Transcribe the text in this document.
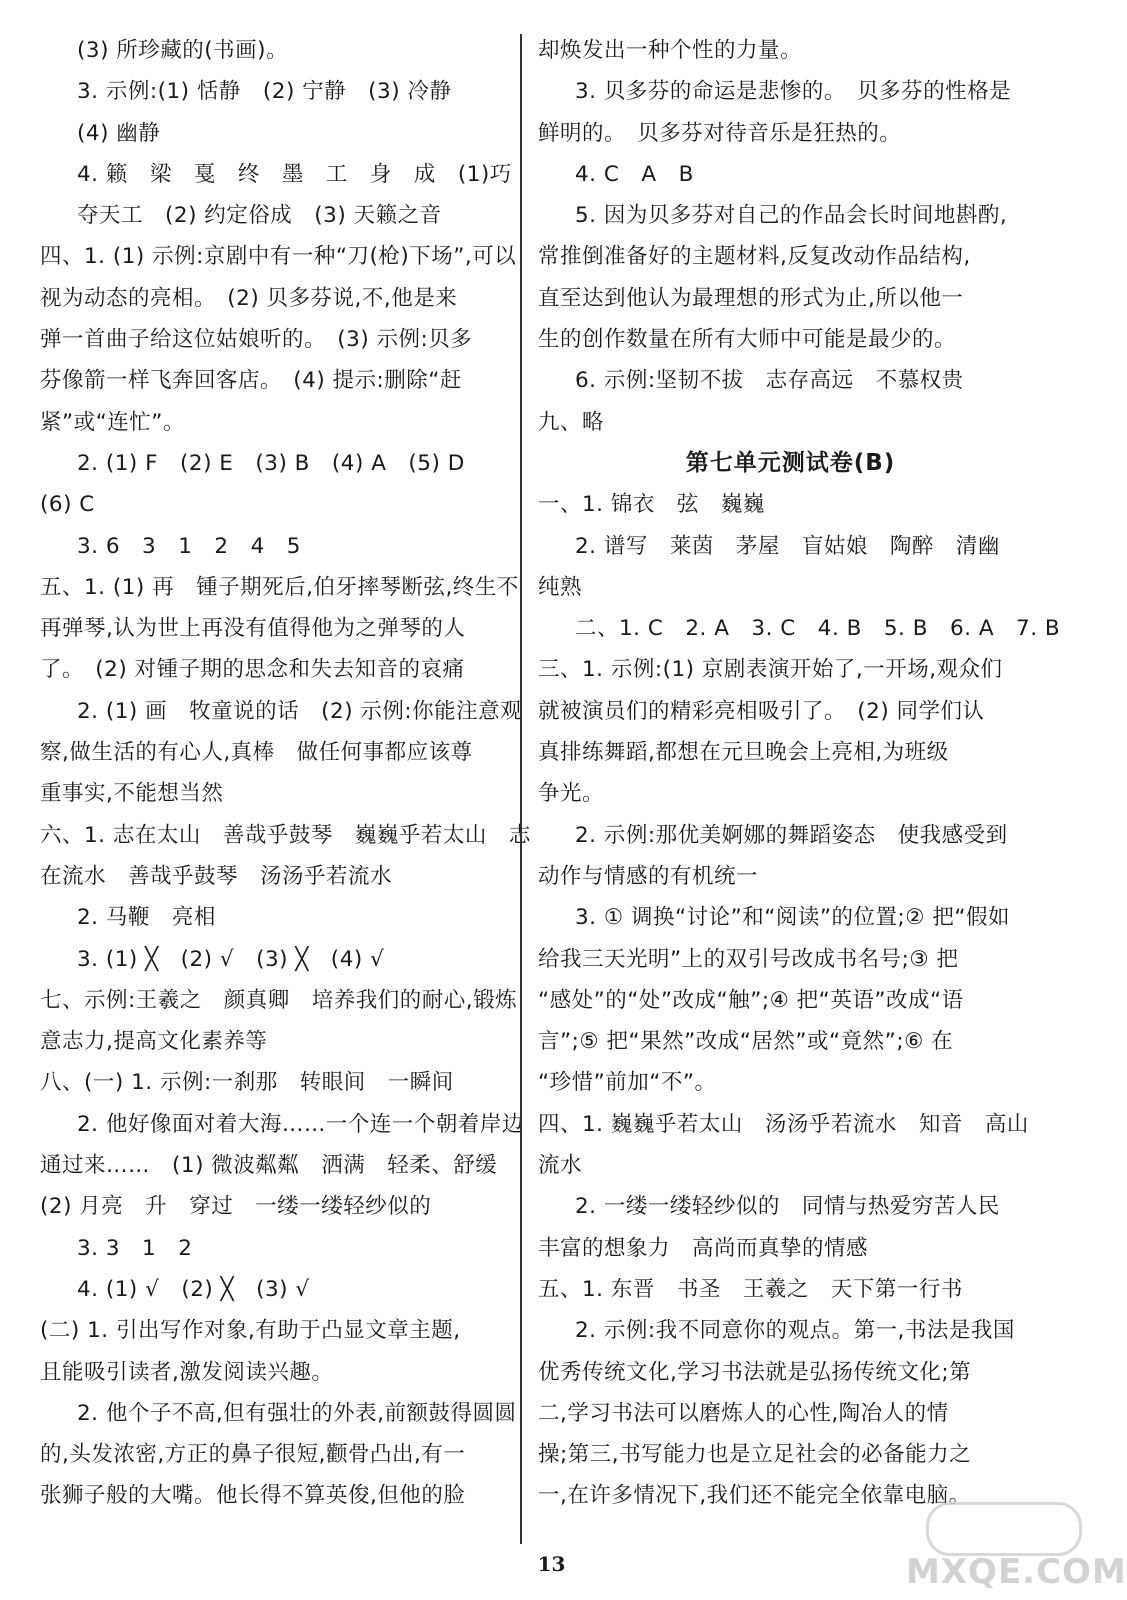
(3) 所珍藏的(书画)。
3. 示例:(1) 恬静　(2) 宁静　(3) 冷静
(4) 幽静
4. 籁　梁　戛　终　墨　工　身　成　(1)巧
夺天工　(2) 约定俗成　(3) 天籁之音
四、1. (1) 示例:京剧中有一种“刀(枪)下场”,可以
视为动态的亮相。　(2) 贝多芬说,不,他是来
弹一首曲子给这位姑娘听的。　(3) 示例:贝多
芬像箭一样飞奔回客店。　(4) 提示:删除“赶
紧”或“连忙”。
2. (1) F　(2) E　(3) B　(4) A　(5) D
(6) C
3. 6　3　1　2　4　5
五、1. (1) 再　锺子期死后,伯牙摔琴断弦,终生不
再弹琴,认为世上再没有值得他为之弹琴的人
了。　(2) 对锺子期的思念和失去知音的哀痛
2. (1) 画　牧童说的话　(2) 示例:你能注意观
察,做生活的有心人,真棒　做任何事都应该尊
重事实,不能想当然
六、1. 志在太山　善哉乎鼓琴　巍巍乎若太山　志
在流水　善哉乎鼓琴　汤汤乎若流水
2. 马鞭　亮相
3. (1) ╳　(2) √　(3) ╳　(4) √
七、示例:王羲之　颜真卿　培养我们的耐心,锻炼
意志力,提高文化素养等
八、(一) 1. 示例:一刹那　转眼间　一瞬间
2. 他好像面对着大海……一个连一个朝着岸边
通过来……　(1) 微波粼粼　洒满　轻柔、舒缓
(2) 月亮　升　穿过　一缕一缕轻纱似的
3. 3　1　2
4. (1) √　(2) ╳　(3) √
(二) 1. 引出写作对象,有助于凸显文章主题,
且能吸引读者,激发阅读兴趣。
2. 他个子不高,但有强壮的外表,前额鼓得圆圆
的,头发浓密,方正的鼻子很短,颧骨凸出,有一
张狮子般的大嘴。他长得不算英俊,但他的脸
却焕发出一种个性的力量。
3. 贝多芬的命运是悲惨的。　贝多芬的性格是
鲜明的。　贝多芬对待音乐是狂热的。
4. C　A　B
5. 因为贝多芬对自己的作品会长时间地斟酌,
常推倒准备好的主题材料,反复改动作品结构,
直至达到他认为最理想的形式为止,所以他一
生的创作数量在所有大师中可能是最少的。
6. 示例:坚韧不拔　志存高远　不慕权贵
九、略
第七单元测试卷(B)
一、1. 锦衣　弦　巍巍
2. 谱写　莱茵　茅屋　盲姑娘　陶醉　清幽
纯熟
二、1. C　2. A　3. C　4. B　5. B　6. A　7. B
三、1. 示例:(1) 京剧表演开始了,一开场,观众们
就被演员们的精彩亮相吸引了。　(2) 同学们认
真排练舞蹈,都想在元旦晚会上亮相,为班级
争光。
2. 示例:那优美婀娜的舞蹈姿态　使我感受到
动作与情感的有机统一
3. ① 调换“讨论”和“阅读”的位置;② 把“假如
给我三天光明”上的双引号改成书名号;③ 把
“感处”的“处”改成“触”;④ 把“英语”改成“语
言”;⑤ 把“果然”改成“居然”或“竟然”;⑥ 在
“珍惜”前加“不”。
四、1. 巍巍乎若太山　汤汤乎若流水　知音　高山
流水
2. 一缕一缕轻纱似的　同情与热爱穷苦人民
丰富的想象力　高尚而真挚的情感
五、1. 东晋　书圣　王羲之　天下第一行书
2. 示例:我不同意你的观点。第一,书法是我国
优秀传统文化,学习书法就是弘扬传统文化;第
二,学习书法可以磨炼人的心性,陶冶人的情
操;第三,书写能力也是立足社会的必备能力之
一,在许多情况下,我们还不能完全依靠电脑。
13	MXQE.COM
